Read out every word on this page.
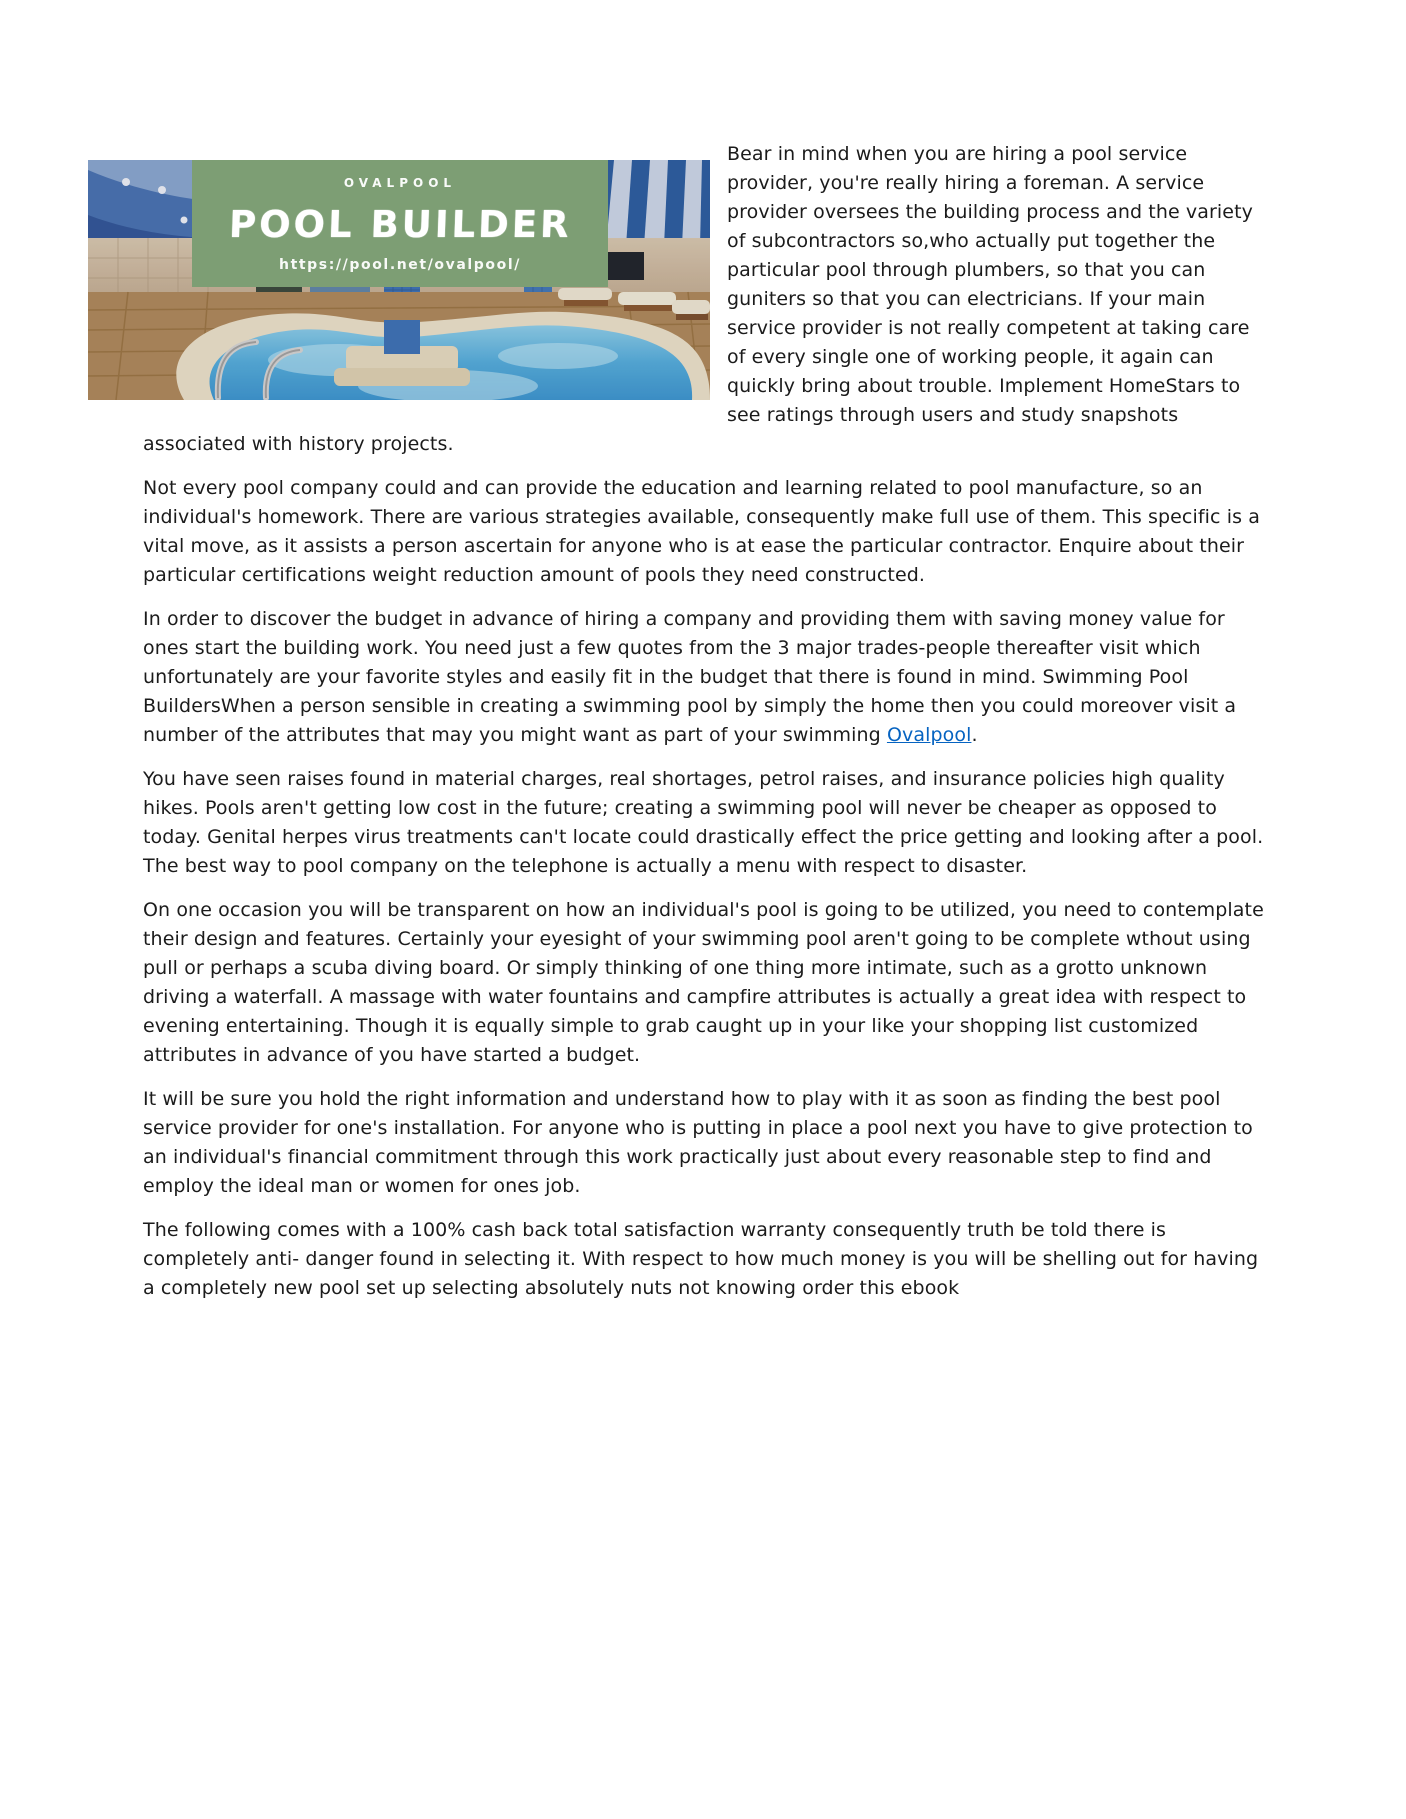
OVALPOOL
POOL BUILDER
https://pool.net/ovalpool/

Bear in mind when you are hiring a pool service provider, you're really hiring a foreman. A service provider oversees the building process and the variety of subcontractors so,who actually put together the particular pool through plumbers, so that you can guniters so that you can electricians. If your main service provider is not really competent at taking care of every single one of working people, it again can quickly bring about trouble. Implement HomeStars to see ratings through users and study snapshots associated with history projects.

Not every pool company could and can provide the education and learning related to pool manufacture, so an individual's homework. There are various strategies available, consequently make full use of them. This specific is a vital move, as it assists a person ascertain for anyone who is at ease the particular contractor. Enquire about their particular certifications weight reduction amount of pools they need constructed.

In order to discover the budget in advance of hiring a company and providing them with saving money value for ones start the building work. You need just a few quotes from the 3 major trades-people thereafter visit which unfortunately are your favorite styles and easily fit in the budget that there is found in mind. Swimming Pool BuildersWhen a person sensible in creating a swimming pool by simply the home then you could moreover visit a number of the attributes that may you might want as part of your swimming Ovalpool.

You have seen raises found in material charges, real shortages, petrol raises, and insurance policies high quality hikes. Pools aren't getting low cost in the future; creating a swimming pool will never be cheaper as opposed to today. Genital herpes virus treatments can't locate could drastically effect the price getting and looking after a pool. The best way to pool company on the telephone is actually a menu with respect to disaster.

On one occasion you will be transparent on how an individual's pool is going to be utilized, you need to contemplate their design and features. Certainly your eyesight of your swimming pool aren't going to be complete wthout using pull or perhaps a scuba diving board. Or simply thinking of one thing more intimate, such as a grotto unknown driving a waterfall. A massage with water fountains and campfire attributes is actually a great idea with respect to evening entertaining. Though it is equally simple to grab caught up in your like your shopping list customized attributes in advance of you have started a budget.

It will be sure you hold the right information and understand how to play with it as soon as finding the best pool service provider for one's installation. For anyone who is putting in place a pool next you have to give protection to an individual's financial commitment through this work practically just about every reasonable step to find and employ the ideal man or women for ones job.

The following comes with a 100% cash back total satisfaction warranty consequently truth be told there is completely anti- danger found in selecting it. With respect to how much money is you will be shelling out for having a completely new pool set up selecting absolutely nuts not knowing order this ebook
